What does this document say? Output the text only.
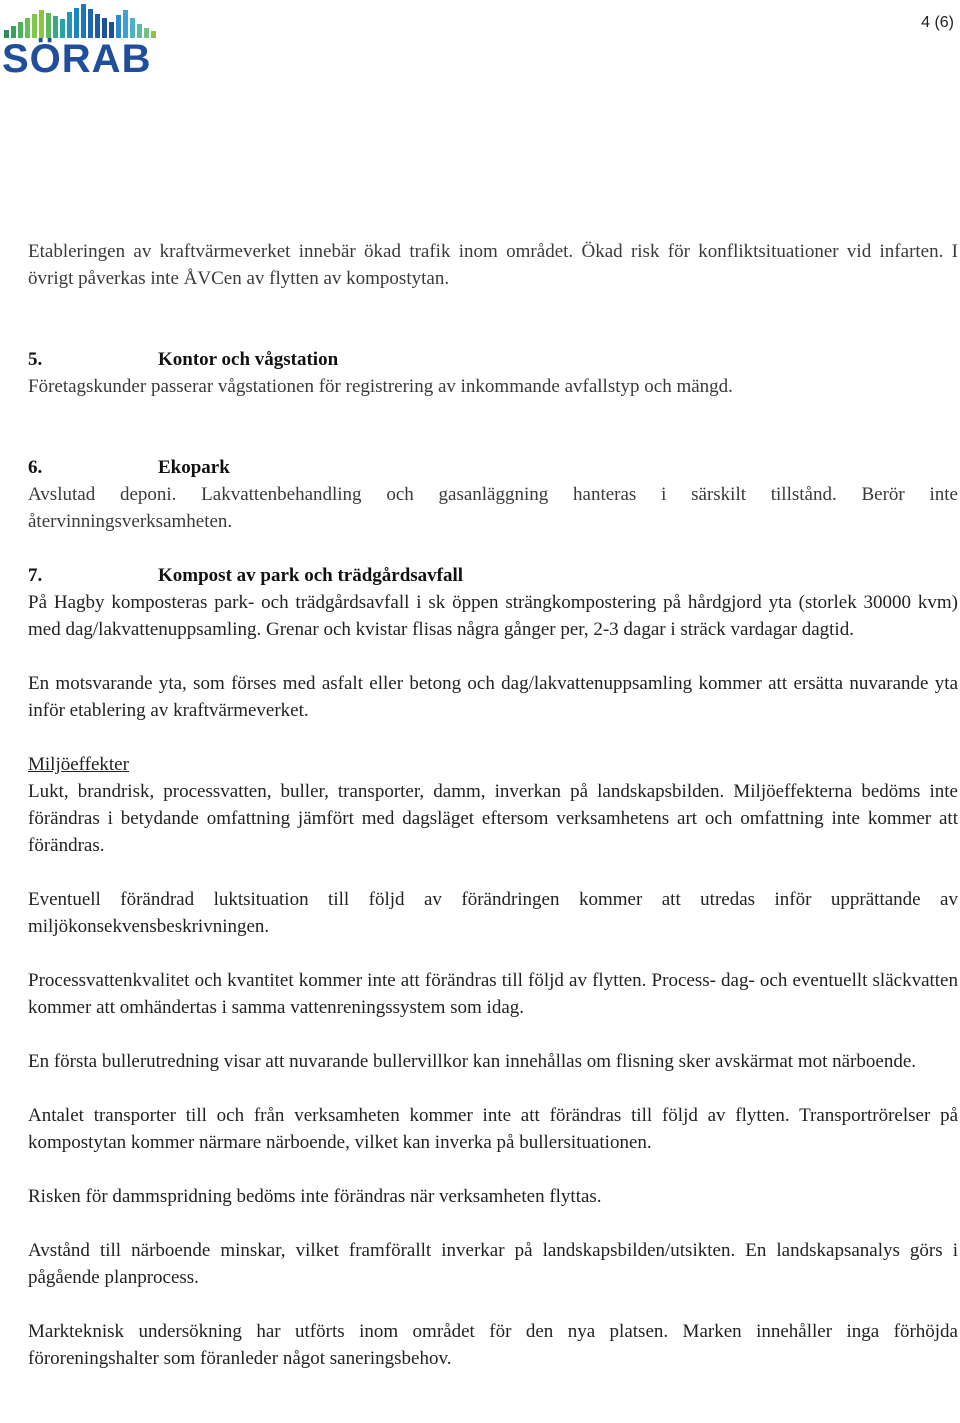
SÖRAB
4 (6)

Etableringen av kraftvärmeverket innebär ökad trafik inom området. Ökad risk för konfliktsituationer vid infarten. I övrigt påverkas inte ÅVCen av flytten av kompostytan.

5.	Kontor och vågstation

Företagskunder passerar vågstationen för registrering av inkommande avfallstyp och mängd.

6.	Ekopark

Avslutad deponi. Lakvattenbehandling och gasanläggning hanteras i särskilt tillstånd. Berör inte återvinningsverksamheten.

7.	Kompost av park och trädgårdsavfall

På Hagby komposteras park- och trädgårdsavfall i sk öppen strängkompostering på hårdgjord yta (storlek 30000 kvm) med dag/lakvattenuppsamling. Grenar och kvistar flisas några gånger per, 2-3 dagar i sträck vardagar dagtid.

En motsvarande yta, som förses med asfalt eller betong och dag/lakvattenuppsamling kommer att ersätta nuvarande yta inför etablering av kraftvärmeverket.

Miljöeffekter

Lukt, brandrisk, processvatten, buller, transporter, damm, inverkan på landskapsbilden. Miljöeffekterna bedöms inte förändras i betydande omfattning jämfört med dagsläget eftersom verksamhetens art och omfattning inte kommer att förändras.

Eventuell förändrad luktsituation till följd av förändringen kommer att utredas inför upprättande av miljökonsekvensbeskrivningen.

Processvattenkvalitet och kvantitet kommer inte att förändras till följd av flytten. Process- dag- och eventuellt släckvatten kommer att omhändertas i samma vattenreningssystem som idag.

En första bullerutredning visar att nuvarande bullervillkor kan innehållas om flisning sker avskärmat mot närboende.

Antalet transporter till och från verksamheten kommer inte att förändras till följd av flytten. Transportrörelser på kompostytan kommer närmare närboende, vilket kan inverka på bullersituationen.

Risken för dammspridning bedöms inte förändras när verksamheten flyttas.

Avstånd till närboende minskar, vilket framförallt inverkar på landskapsbilden/utsikten. En landskapsanalys görs i pågående planprocess.

Markteknisk undersökning har utförts inom området för den nya platsen. Marken innehåller inga förhöjda föroreningshalter som föranleder något saneringsbehov.
